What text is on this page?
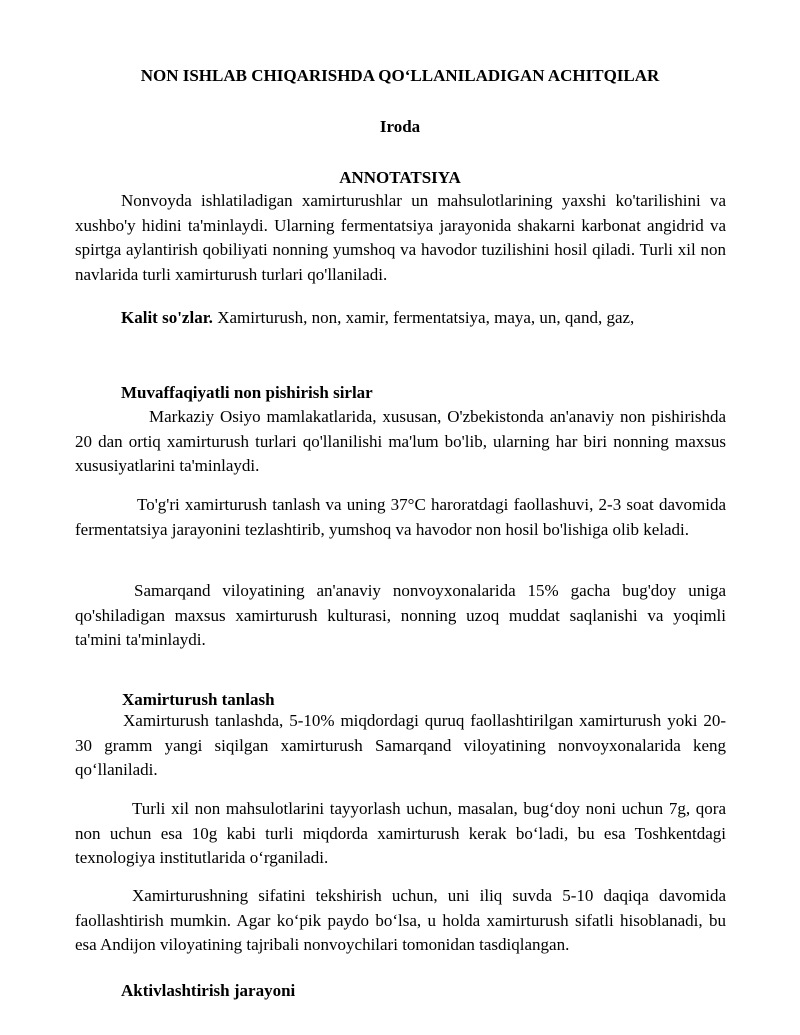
NON ISHLAB CHIQARISHDA QO‘LLANILADIGAN ACHITQILAR

Iroda

ANNOTATSIYA

Nonvoyda ishlatiladigan xamirturushlar un mahsulotlarining yaxshi ko'tarilishini va xushbo'y hidini ta'minlaydi. Ularning fermentatsiya jarayonida shakarni karbonat angidrid va spirtga aylantirish qobiliyati nonning yumshoq va havodor tuzilishini hosil qiladi. Turli xil non navlarida turli xamirturush turlari qo'llaniladi.

Kalit so'zlar. Xamirturush, non, xamir, fermentatsiya, maya, un, qand, gaz,

Muvaffaqiyatli non pishirish sirlar

Markaziy Osiyo mamlakatlarida, xususan, O'zbekistonda an'anaviy non pishirishda 20 dan ortiq xamirturush turlari qo'llanilishi ma'lum bo'lib, ularning har biri nonning maxsus xususiyatlarini ta'minlaydi.

To'g'ri xamirturush tanlash va uning 37°C haroratdagi faollashuvi, 2-3 soat davomida fermentatsiya jarayonini tezlashtirib, yumshoq va havodor non hosil bo'lishiga olib keladi.

Samarqand viloyatining an'anaviy nonvoyxonalarida 15% gacha bug'doy uniga qo'shiladigan maxsus xamirturush kulturasi, nonning uzoq muddat saqlanishi va yoqimli ta'mini ta'minlaydi.

Xamirturush tanlash

Xamirturush tanlashda, 5-10% miqdordagi quruq faollashtirilgan xamirturush yoki 20-30 gramm yangi siqilgan xamirturush Samarqand viloyatining nonvoyxonalarida keng qo‘llaniladi.

Turli xil non mahsulotlarini tayyorlash uchun, masalan, bug‘doy noni uchun 7g, qora non uchun esa 10g kabi turli miqdorda xamirturush kerak bo‘ladi, bu esa Toshkentdagi texnologiya institutlarida o‘rganiladi.

Xamirturushning sifatini tekshirish uchun, uni iliq suvda 5-10 daqiqa davomida faollashtirish mumkin. Agar ko‘pik paydo bo‘lsa, u holda xamirturush sifatli hisoblanadi, bu esa Andijon viloyatining tajribali nonvoychilari tomonidan tasdiqlangan.

Aktivlashtirish jarayoni
